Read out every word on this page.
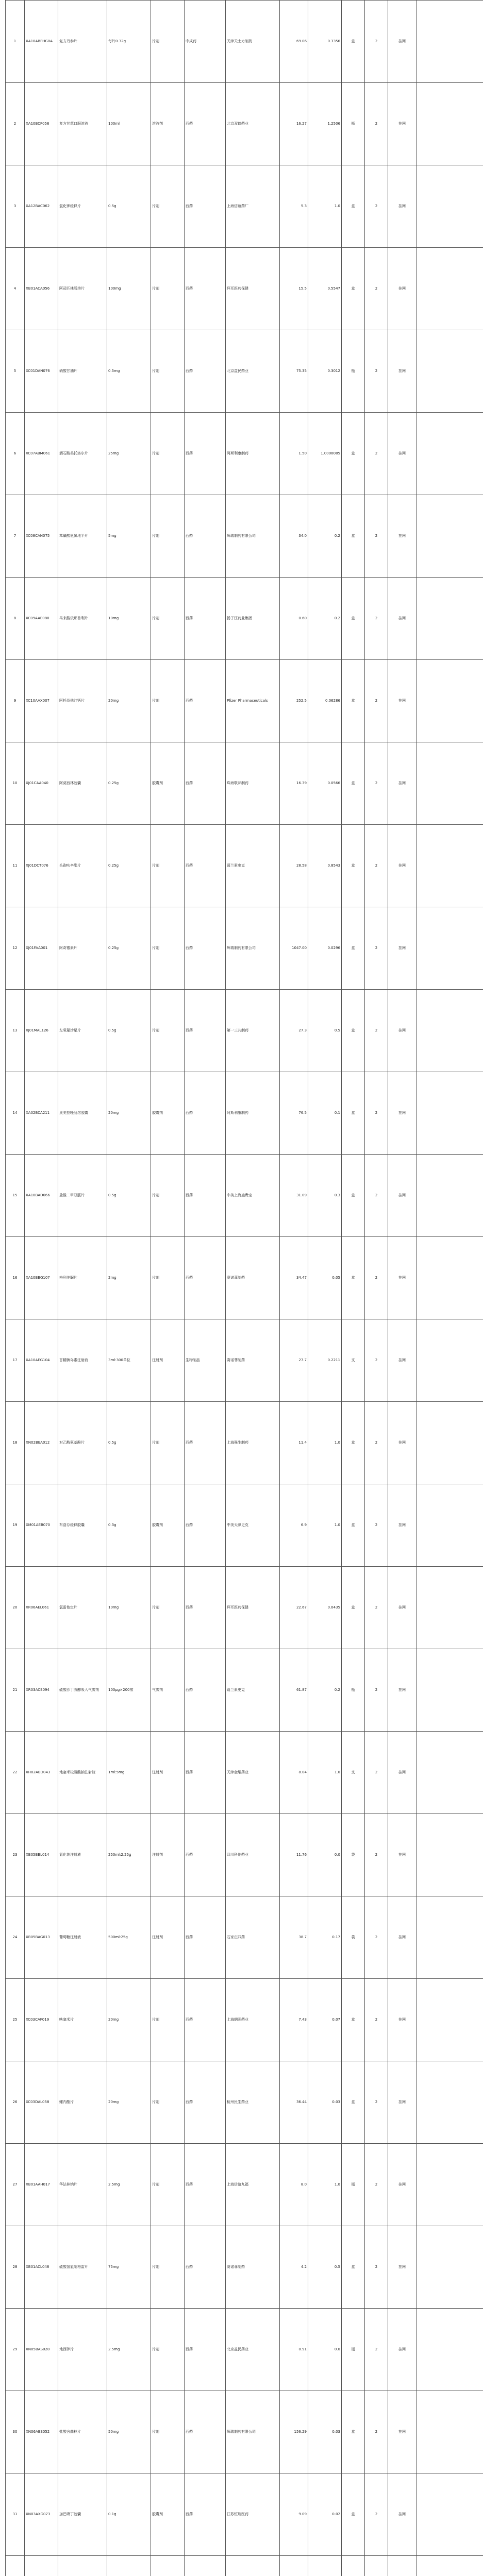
1	XA10ABFHG0A	复方丹参片	每片0.32g	片剂	中成药	天津天士力制药	69.06	0.3356	盒	2	挂网	
2	XA10BCF056	复方甘草口服溶液	100ml	溶液剂	西药	北京双鹤药业	16.27	1.2506	瓶	2	挂网	
3	XA12BAC062	氯化钾缓释片	0.5g	片剂	西药	上海信谊药厂	5.3	1.0	盒	2	挂网	
4	XB01ACA056	阿司匹林肠溶片	100mg	片剂	西药	拜耳医药保健	15.5	0.5547	盒	2	挂网	
5	XC01DAN076	硝酸甘油片	0.5mg	片剂	西药	北京益民药业	75.35	0.3012	瓶	2	挂网	
6	XC07ABM061	酒石酸美托洛尔片	25mg	片剂	西药	阿斯利康制药	1.50	1.0000085	盒	2	挂网	
7	XC08CAN075	苯磺酸氨氯地平片	5mg	片剂	西药	辉瑞制药有限公司	34.0	0.2	盒	2	挂网	
8	XC09AAE080	马来酸依那普利片	10mg	片剂	西药	扬子江药业集团	0.60	0.2	盒	2	挂网	
9	XC10AAX007	阿托伐他汀钙片	20mg	片剂	西药	Pfizer Pharmaceuticals	252.5	0.06286	盒	2	挂网	
10	XJ01CAA040	阿莫西林胶囊	0.25g	胶囊剂	西药	珠海联邦制药	16.39	0.0566	盒	2	挂网	
11	XJ01DCT076	头孢呋辛酯片	0.25g	片剂	西药	葛兰素史克	28.58	0.8543	盒	2	挂网	
12	XJ01FAA001	阿奇霉素片	0.25g	片剂	西药	辉瑞制药有限公司	1047.00	0.0296	盒	2	挂网	
13	XJ01MAL126	左氧氟沙星片	0.5g	片剂	西药	第一三共制药	27.3	0.5	盒	2	挂网	
14	XA02BCA211	奥美拉唑肠溶胶囊	20mg	胶囊剂	西药	阿斯利康制药	76.5	0.1	盒	2	挂网	
15	XA10BAD066	盐酸二甲双胍片	0.5g	片剂	西药	中美上海施贵宝	31.09	0.3	盒	2	挂网	
16	XA10BBG107	格列美脲片	2mg	片剂	西药	赛诺菲制药	34.47	0.05	盒	2	挂网	
17	XA10AEG104	甘精胰岛素注射液	3ml:300单位	注射剂	生物制品	赛诺菲制药	27.7	0.2211	支	2	挂网	
18	XN02BEA012	对乙酰氨基酚片	0.5g	片剂	西药	上海强生制药	11.4	1.0	盒	2	挂网	
19	XM01AEB070	布洛芬缓释胶囊	0.3g	胶囊剂	西药	中美天津史克	6.9	1.0	盒	2	挂网	
20	XR06AEL061	氯雷他定片	10mg	片剂	西药	拜耳医药保健	22.67	0.0435	盒	2	挂网	
21	XR03ACS094	硫酸沙丁胺醇吸入气雾剂	100μg×200揿	气雾剂	西药	葛兰素史克	61.87	0.2	瓶	2	挂网	
22	XH02ABD043	地塞米松磷酸钠注射液	1ml:5mg	注射剂	西药	天津金耀药业	8.04	1.0	支	2	挂网	
23	XB05BBL014	氯化钠注射液	250ml:2.25g	注射剂	西药	四川科伦药业	11.76	0.0	袋	2	挂网	
24	XB05BAG013	葡萄糖注射液	500ml:25g	注射剂	西药	石家庄四药	38.7	0.17	袋	2	挂网	
25	XC03CAF019	呋塞米片	20mg	片剂	西药	上海朝晖药业	7.43	0.07	盒	2	挂网	
26	XC03DAL058	螺内酯片	20mg	片剂	西药	杭州民生药业	36.44	0.03	盒	2	挂网	
27	XB01AAH017	华法林钠片	2.5mg	片剂	西药	上海信谊九福	8.0	1.0	瓶	2	挂网	
28	XB01ACL048	硫酸氢氯吡格雷片	75mg	片剂	西药	赛诺菲制药	4.2	0.5	盒	2	挂网	
29	XN05BAS028	地西泮片	2.5mg	片剂	西药	北京益民药业	0.91	0.0	瓶	2	挂网	
30	XN06ABS052	盐酸舍曲林片	50mg	片剂	西药	辉瑞制药有限公司	156.29	0.03	盒	2	挂网	
31	XN03AXG073	加巴喷丁胶囊	0.1g	胶囊剂	西药	江苏恒瑞医药	9.09	0.02	盒	2	挂网	
